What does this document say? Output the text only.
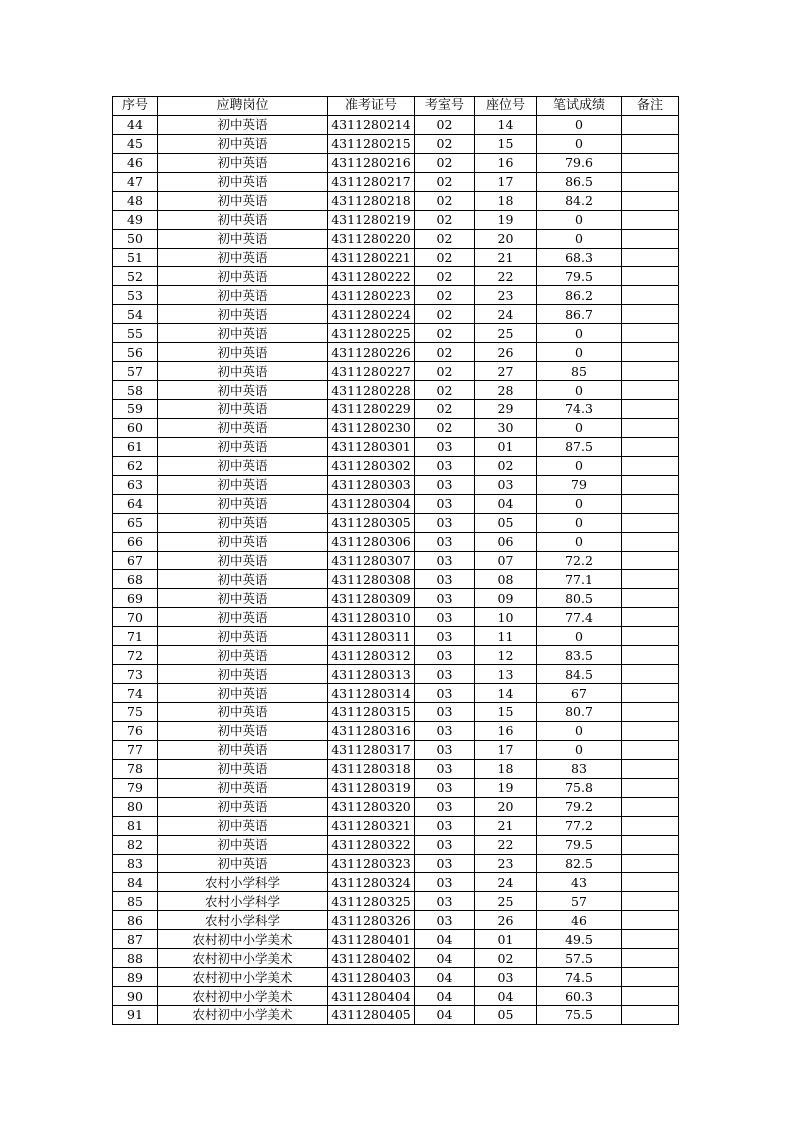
序号	应聘岗位	准考证号	考室号	座位号	笔试成绩	备注
44	初中英语	4311280214	02	14	0	
45	初中英语	4311280215	02	15	0	
46	初中英语	4311280216	02	16	79.6	
47	初中英语	4311280217	02	17	86.5	
48	初中英语	4311280218	02	18	84.2	
49	初中英语	4311280219	02	19	0	
50	初中英语	4311280220	02	20	0	
51	初中英语	4311280221	02	21	68.3	
52	初中英语	4311280222	02	22	79.5	
53	初中英语	4311280223	02	23	86.2	
54	初中英语	4311280224	02	24	86.7	
55	初中英语	4311280225	02	25	0	
56	初中英语	4311280226	02	26	0	
57	初中英语	4311280227	02	27	85	
58	初中英语	4311280228	02	28	0	
59	初中英语	4311280229	02	29	74.3	
60	初中英语	4311280230	02	30	0	
61	初中英语	4311280301	03	01	87.5	
62	初中英语	4311280302	03	02	0	
63	初中英语	4311280303	03	03	79	
64	初中英语	4311280304	03	04	0	
65	初中英语	4311280305	03	05	0	
66	初中英语	4311280306	03	06	0	
67	初中英语	4311280307	03	07	72.2	
68	初中英语	4311280308	03	08	77.1	
69	初中英语	4311280309	03	09	80.5	
70	初中英语	4311280310	03	10	77.4	
71	初中英语	4311280311	03	11	0	
72	初中英语	4311280312	03	12	83.5	
73	初中英语	4311280313	03	13	84.5	
74	初中英语	4311280314	03	14	67	
75	初中英语	4311280315	03	15	80.7	
76	初中英语	4311280316	03	16	0	
77	初中英语	4311280317	03	17	0	
78	初中英语	4311280318	03	18	83	
79	初中英语	4311280319	03	19	75.8	
80	初中英语	4311280320	03	20	79.2	
81	初中英语	4311280321	03	21	77.2	
82	初中英语	4311280322	03	22	79.5	
83	初中英语	4311280323	03	23	82.5	
84	农村小学科学	4311280324	03	24	43	
85	农村小学科学	4311280325	03	25	57	
86	农村小学科学	4311280326	03	26	46	
87	农村初中小学美术	4311280401	04	01	49.5	
88	农村初中小学美术	4311280402	04	02	57.5	
89	农村初中小学美术	4311280403	04	03	74.5	
90	农村初中小学美术	4311280404	04	04	60.3	
91	农村初中小学美术	4311280405	04	05	75.5	
